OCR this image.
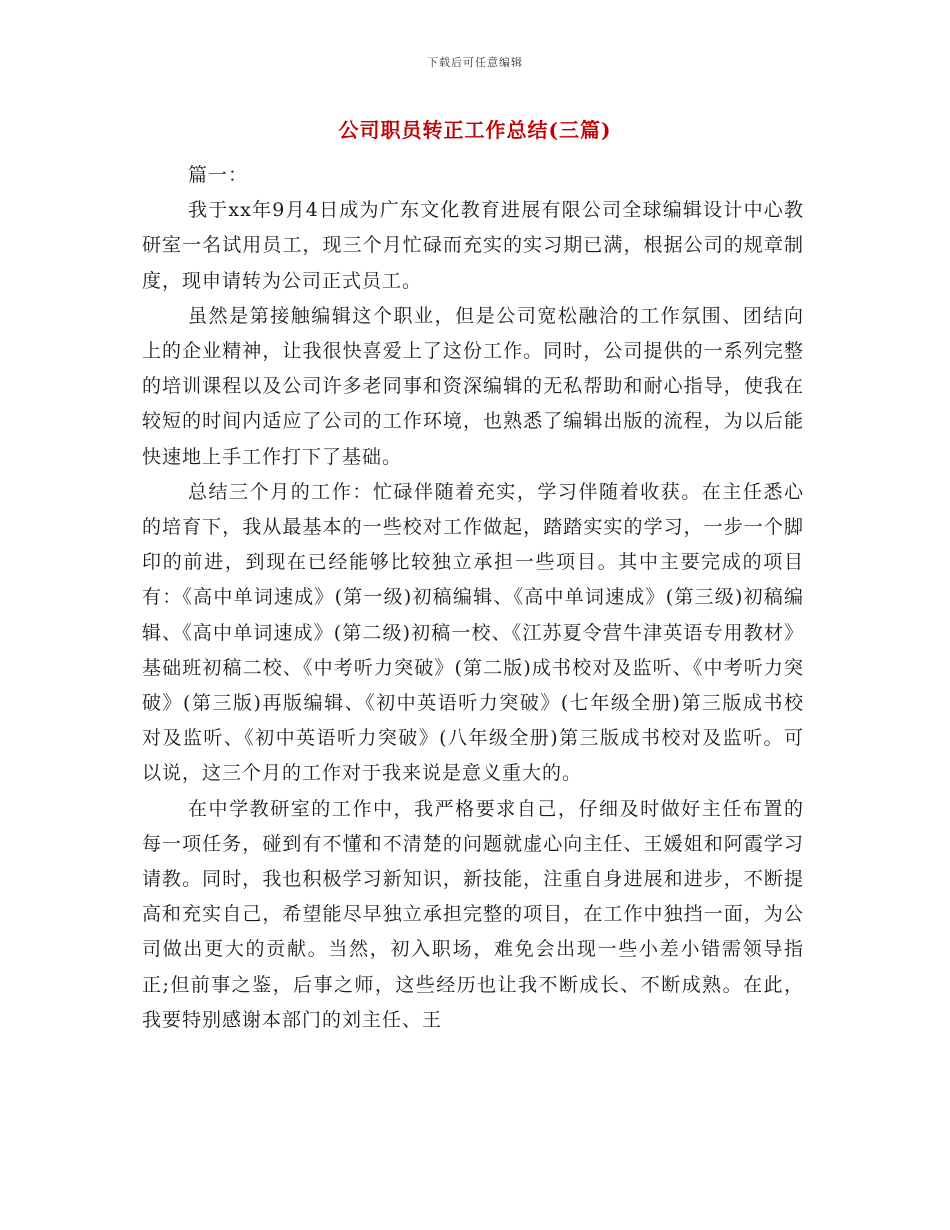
下载后可任意编辑
公司职员转正工作总结(三篇)

篇一：

我于xx年9月4日成为广东文化教育进展有限公司全球编辑设计中心教研室一名试用员工，现三个月忙碌而充实的实习期已满，根据公司的规章制度，现申请转为公司正式员工。

虽然是第接触编辑这个职业，但是公司宽松融洽的工作氛围、团结向上的企业精神，让我很快喜爱上了这份工作。同时，公司提供的一系列完整的培训课程以及公司许多老同事和资深编辑的无私帮助和耐心指导，使我在较短的时间内适应了公司的工作环境，也熟悉了编辑出版的流程，为以后能快速地上手工作打下了基础。

总结三个月的工作：忙碌伴随着充实，学习伴随着收获。在主任悉心的培育下，我从最基本的一些校对工作做起，踏踏实实的学习，一步一个脚印的前进，到现在已经能够比较独立承担一些项目。其中主要完成的项目有：《高中单词速成》(第一级)初稿编辑、《高中单词速成》(第三级)初稿编辑、《高中单词速成》(第二级)初稿一校、《江苏夏令营牛津英语专用教材》基础班初稿二校、《中考听力突破》(第二版)成书校对及监听、《中考听力突破》(第三版)再版编辑、《初中英语听力突破》(七年级全册)第三版成书校对及监听、《初中英语听力突破》(八年级全册)第三版成书校对及监听。可以说，这三个月的工作对于我来说是意义重大的。

在中学教研室的工作中，我严格要求自己，仔细及时做好主任布置的每一项任务，碰到有不懂和不清楚的问题就虚心向主任、王媛姐和阿霞学习请教。同时，我也积极学习新知识，新技能，注重自身进展和进步，不断提高和充实自己，希望能尽早独立承担完整的项目，在工作中独挡一面，为公司做出更大的贡献。当然，初入职场，难免会出现一些小差小错需领导指正;但前事之鉴，后事之师，这些经历也让我不断成长、不断成熟。在此，我要特别感谢本部门的刘主任、王
